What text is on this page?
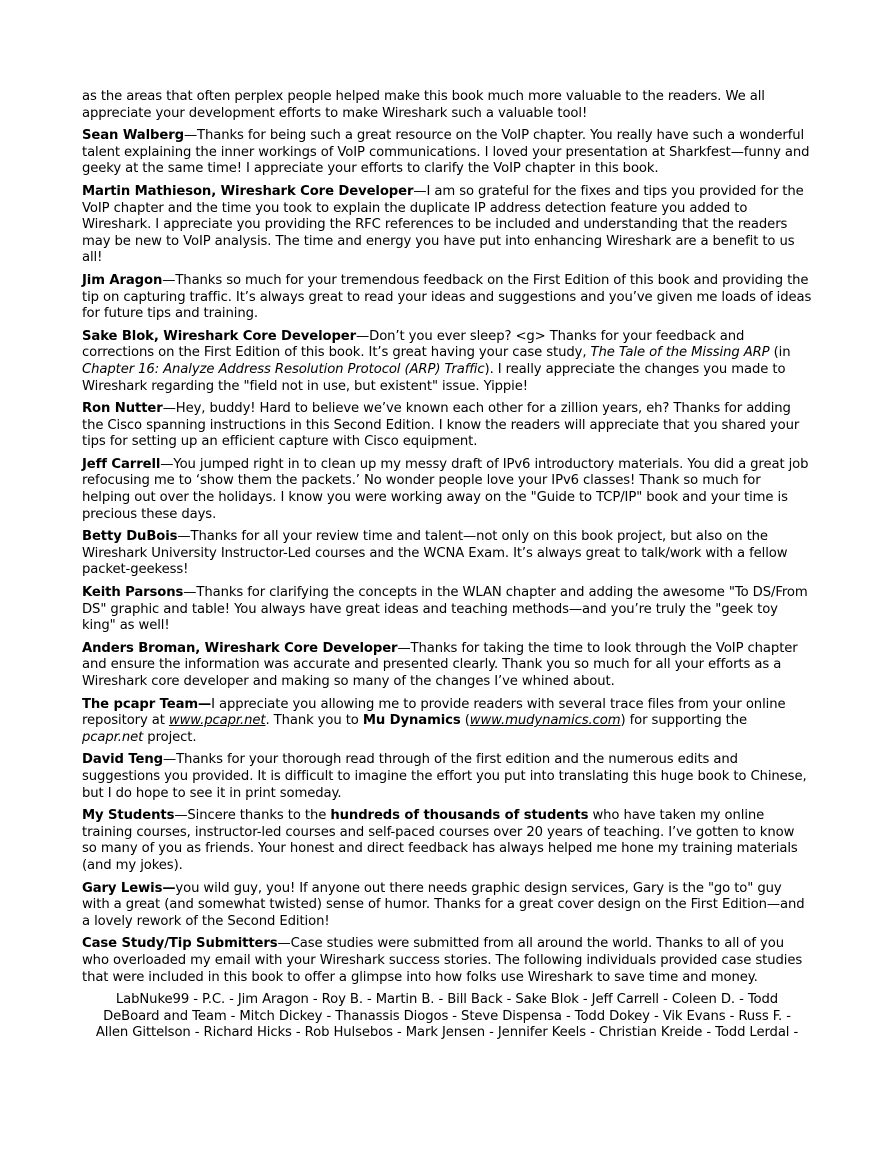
as the areas that often perplex people helped make this book much more valuable to the readers. We all appreciate your development efforts to make Wireshark such a valuable tool!

Sean Walberg—Thanks for being such a great resource on the VoIP chapter. You really have such a wonderful talent explaining the inner workings of VoIP communications. I loved your presentation at Sharkfest—funny and geeky at the same time! I appreciate your efforts to clarify the VoIP chapter in this book.

Martin Mathieson, Wireshark Core Developer—I am so grateful for the fixes and tips you provided for the VoIP chapter and the time you took to explain the duplicate IP address detection feature you added to Wireshark. I appreciate you providing the RFC references to be included and understanding that the readers may be new to VoIP analysis. The time and energy you have put into enhancing Wireshark are a benefit to us all!

Jim Aragon—Thanks so much for your tremendous feedback on the First Edition of this book and providing the tip on capturing traffic. It’s always great to read your ideas and suggestions and you’ve given me loads of ideas for future tips and training.

Sake Blok, Wireshark Core Developer—Don’t you ever sleep? <g> Thanks for your feedback and corrections on the First Edition of this book. It’s great having your case study, The Tale of the Missing ARP (in Chapter 16: Analyze Address Resolution Protocol (ARP) Traffic). I really appreciate the changes you made to Wireshark regarding the "field not in use, but existent" issue. Yippie!

Ron Nutter—Hey, buddy! Hard to believe we’ve known each other for a zillion years, eh? Thanks for adding the Cisco spanning instructions in this Second Edition. I know the readers will appreciate that you shared your tips for setting up an efficient capture with Cisco equipment.

Jeff Carrell—You jumped right in to clean up my messy draft of IPv6 introductory materials. You did a great job refocusing me to ‘show them the packets.’ No wonder people love your IPv6 classes! Thank so much for helping out over the holidays. I know you were working away on the "Guide to TCP/IP" book and your time is precious these days.

Betty DuBois—Thanks for all your review time and talent—not only on this book project, but also on the Wireshark University Instructor-Led courses and the WCNA Exam. It’s always great to talk/work with a fellow packet-geekess!

Keith Parsons—Thanks for clarifying the concepts in the WLAN chapter and adding the awesome "To DS/From DS" graphic and table! You always have great ideas and teaching methods—and you’re truly the "geek toy king" as well!

Anders Broman, Wireshark Core Developer—Thanks for taking the time to look through the VoIP chapter and ensure the information was accurate and presented clearly. Thank you so much for all your efforts as a Wireshark core developer and making so many of the changes I’ve whined about.

The pcapr Team—I appreciate you allowing me to provide readers with several trace files from your online repository at www.pcapr.net. Thank you to Mu Dynamics (www.mudynamics.com) for supporting the pcapr.net project.

David Teng—Thanks for your thorough read through of the first edition and the numerous edits and suggestions you provided. It is difficult to imagine the effort you put into translating this huge book to Chinese, but I do hope to see it in print someday.

My Students—Sincere thanks to the hundreds of thousands of students who have taken my online training courses, instructor-led courses and self-paced courses over 20 years of teaching. I’ve gotten to know so many of you as friends. Your honest and direct feedback has always helped me hone my training materials (and my jokes).

Gary Lewis—you wild guy, you! If anyone out there needs graphic design services, Gary is the "go to" guy with a great (and somewhat twisted) sense of humor. Thanks for a great cover design on the First Edition—and a lovely rework of the Second Edition!

Case Study/Tip Submitters—Case studies were submitted from all around the world. Thanks to all of you who overloaded my email with your Wireshark success stories. The following individuals provided case studies that were included in this book to offer a glimpse into how folks use Wireshark to save time and money.

LabNuke99 - P.C. - Jim Aragon - Roy B. - Martin B. - Bill Back - Sake Blok - Jeff Carrell - Coleen D. - Todd DeBoard and Team - Mitch Dickey - Thanassis Diogos - Steve Dispensa - Todd Dokey - Vik Evans - Russ F. - Allen Gittelson - Richard Hicks - Rob Hulsebos - Mark Jensen - Jennifer Keels - Christian Kreide - Todd Lerdal -
